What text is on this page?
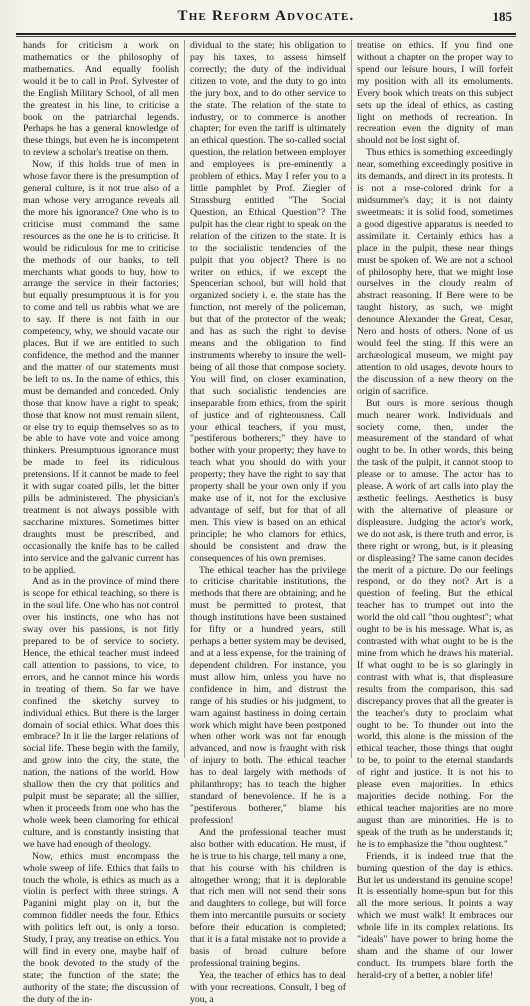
The Reform Advocate.	185

hands for criticism a work on mathematics or the philosophy of mathematics. And equally foolish would it be to call in Prof. Sylvester of the English Military School, of all men the greatest in his line, to criticise a book on the patriarchal legends. Perhaps he has a general knowledge of these things, but even he is incompetent to review a scholar's treatise on them.

Now, if this holds true of men in whose favor there is the presumption of general culture, is it not true also of a man whose very arrogance reveals all the more his ignorance? One who is to criticise must command the same resources as the one he is to criticise. It would be ridiculous for me to criticise the methods of our banks, to tell merchants what goods to buy, how to arrange the service in their factories; but equally presumptuous it is for you to come and tell us rabbis what we are to say. If there is not faith in our competency, why, we should vacate our places. But if we are entitled to such confidence, the method and the manner and the matter of our statements must be left to us. In the name of ethics, this must be demanded and conceded. Only those that know have a right to speak; those that know not must remain silent, or else try to equip themselves so as to be able to have vote and voice among thinkers. Presumptuous ignorance must be made to feel its ridiculous pretensions. If it cannot be made to feel it with sugar coated pills, let the bitter pills be administered. The physician's treatment is not always possible with saccharine mixtures. Sometimes bitter draughts must be prescribed, and occasionally the knife has to be called into service and the galvanic current has to be applied.

And as in the province of mind there is scope for ethical teaching, so there is in the soul life. One who has not control over his instincts, one who has not sway over his passions, is not fitly prepared to be of service to society. Hence, the ethical teacher must indeed call attention to passions, to vice, to errors, and he cannot mince his words in treating of them. So far we have confined the sketchy survey to individual ethics. But there is the larger domain of social ethics. What does this embrace? In it lie the larger relations of social life. These begin with the family, and grow into the city, the state, the nation, the nations of the world. How shallow then the cry that politics and pulpit must be separate; all the sillier, when it proceeds from one who has the whole week been clamoring for ethical culture, and is constantly insisting that we have had enough of theology.

Now, ethics must encompass the whole sweep of life. Ethics that fails to touch the whole, is ethics as much as a violin is perfect with three strings. A Paganini might play on it, but the common fiddler needs the four. Ethics with politics left out, is only a torso. Study, I pray, any treatise on ethics. You will find in every one, maybe half of the book devoted to the study of the state; the function of the state; the authority of the state; the discussion of the duty of the in-

dividual to the state; his obligation to pay his taxes, to assess himself correctly; the duty of the individual citizen to vote, and the duty to go into the jury box, and to do other service to the state. The relation of the state to industry, or to commerce is another chapter; for even the tariff is ultimately an ethical question. The so-called social question, the relation between employer and employees is pre-eminently a problem of ethics. May I refer you to a little pamphlet by Prof. Ziegler of Strassburg entitled "The Social Question, an Ethical Question"? The pulpit has the clear right to speak on the relation of the citizen to the state. It is to the socialistic tendencies of the pulpit that you object? There is no writer on ethics, if we except the Spencerian school, but will hold that organized society i. e. the state has the function, not merely of the policeman, but that of the protector of the weak; and has as such the right to devise means and the obligation to find instruments whereby to insure the well-being of all those that compose society. You will find, on closer examination, that such socialistic tendencies are inseparable from ethics, from the spirit of justice and of righteousness. Call your ethical teachers, if you must, "pestiferous botherers;" they have to bother with your property; they have to teach what you should do with your property; they have the right to say that property shall be your own only if you make use of it, not for the exclusive advantage of self, but for that of all men. This view is based on an ethical principle; he who clamors for ethics, should be consistent and draw the consequences of his own premises.

The ethical teacher has the privilege to criticise charitable institutions, the methods that there are obtaining; and he must be permitted to protest, that though institutions have been sustained for fifty or a hundred years, still perhaps a better system may be devised, and at a less expense, for the training of dependent children. For instance, you must allow him, unless you have no confidence in him, and distrust the range of his studies or his judgment, to warn against hastiness in doing certain work which might have been postponed when other work was not far enough advanced, and now is fraught with risk of injury to both. The ethical teacher has to deal largely with methods of philanthropy; has to teach the higher standard of benevolence. If he is a "pestiferous botherer," blame his profession!

And the professional teacher must also bother with education. He must, if he is true to his charge, tell many a one, that his course with his children is altogether wrong; that it is deplorable that rich men will not send their sons and daughters to college, but will force them into mercantile pursuits or society before their education is completed; that it is a fatal mistake not to provide a basis of broad culture before professional training begins.

Yea, the teacher of ethics has to deal with your recreations. Consult, I beg of you, a

treatise on ethics. If you find one without a chapter on the proper way to spend our leisure hours, I will forfeit my position with all its emoluments. Every book which treats on this subject sets up the ideal of ethics, as casting light on methods of recreation. In recreation even the dignity of man should not be lost sight of.

Thus ethics is something exceedingly near, something exceedingly positive in its demands, and direct in its protests. It is not a rose-colored drink for a midsummer's day; it is not dainty sweetmeats: it is solid food, sometimes a good digestive apparatus is needed to assimilate it. Certainly ethics has a place in the pulpit, these near things must be spoken of. We are not a school of philosophy here, that we might lose ourselves in the cloudy realm of abstract reasoning. If Bere were to be taught history, as such, we might denounce Alexander the Great, Cesar, Nero and hosts of others. None of us would feel the sting. If this were an archæological museum, we might pay attention to old usages, devote hours to the discussion of a new theory on the origin of sacrifice.

But ours is more serious though much nearer work. Individuals and society come, then, under the measurement of the standard of what ought to be. In other words, this being the task of the pulpit, it cannot stoop to please or to amuse. The actor has to please. A work of art calls into play the æsthetic feelings. Aesthetics is busy with the alternative of pleasure or displeasure. Judging the actor's work, we do not ask, is there truth and error, is there right or wrong, but, is it pleasing or displeasing? The same canon decides the merit of a picture. Do our feelings respond, or do they not? Art is a question of feeling. But the ethical teacher has to trumpet out into the world the old call "thou oughtest"; what ought to be is his message. What is, as contrasted with what ought to be is the mine from which he draws his material. If what ought to be is so glaringly in contrast with what is, that displeasure results from the comparison, this sad discrepancy proves that all the greater is the teacher's duty to proclaim what ought to be. To thunder out into the world, this alone is the mission of the ethical teacher, those things that ought to be, to point to the eternal standards of right and justice. It is not his to please even majorities. In ethics majorities decide nothing. For the ethical teacher majorities are no more august than are minorities. He is to speak of the truth as he understands it; he is to emphasize the "thou oughtest."

Friends, it is indeed true that the burning question of the day is ethics. But let us understand its genuine scope! It is essentially home-spun but for this all the more serious. It points a way which we must walk! It embraces our whole life in its complex relations. Its "ideals" have power to bring home the sham and the shame of our lower conduct. Its trumpets blare forth the herald-cry of a better, a nobler life!
